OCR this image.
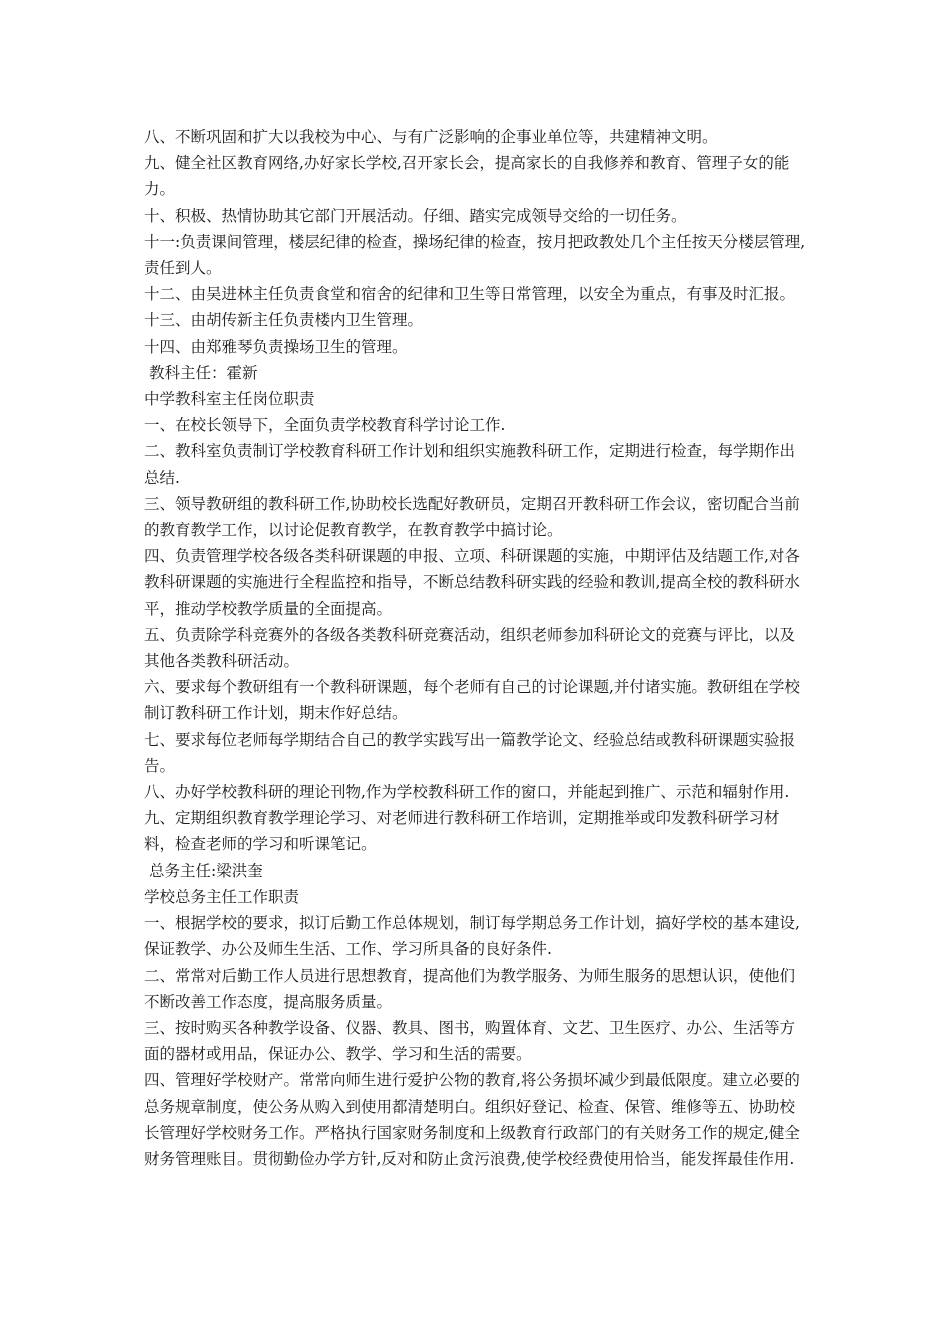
八、不断巩固和扩大以我校为中心、与有广泛影响的企事业单位等，共建精神文明。

九、健全社区教育网络,办好家长学校,召开家长会，提高家长的自我修养和教育、管理子女的能力。

十、积极、热情协助其它部门开展活动。仔细、踏实完成领导交给的一切任务。

十一:负责课间管理，楼层纪律的检查，操场纪律的检查，按月把政教处几个主任按天分楼层管理,责任到人。

十二、由吴进林主任负责食堂和宿舍的纪律和卫生等日常管理，以安全为重点，有事及时汇报。

十三、由胡传新主任负责楼内卫生管理。

十四、由郑雅琴负责操场卫生的管理。

教科主任：霍新

中学教科室主任岗位职责

一、在校长领导下，全面负责学校教育科学讨论工作.

二、教科室负责制订学校教育科研工作计划和组织实施教科研工作，定期进行检查，每学期作出总结.

三、领导教研组的教科研工作,协助校长选配好教研员，定期召开教科研工作会议，密切配合当前的教育教学工作，以讨论促教育教学，在教育教学中搞讨论。

四、负责管理学校各级各类科研课题的申报、立项、科研课题的实施，中期评估及结题工作,对各教科研课题的实施进行全程监控和指导，不断总结教科研实践的经验和教训,提高全校的教科研水平，推动学校教学质量的全面提高。

五、负责除学科竞赛外的各级各类教科研竞赛活动，组织老师参加科研论文的竞赛与评比，以及其他各类教科研活动。

六、要求每个教研组有一个教科研课题，每个老师有自己的讨论课题,并付诸实施。教研组在学校制订教科研工作计划，期末作好总结。

七、要求每位老师每学期结合自己的教学实践写出一篇教学论文、经验总结或教科研课题实验报告。

八、办好学校教科研的理论刊物,作为学校教科研工作的窗口，并能起到推广、示范和辐射作用.

九、定期组织教育教学理论学习、对老师进行教科研工作培训，定期推举或印发教科研学习材料，检查老师的学习和听课笔记。

总务主任:梁洪奎

学校总务主任工作职责

一、根据学校的要求，拟订后勤工作总体规划，制订每学期总务工作计划，搞好学校的基本建设,保证教学、办公及师生生活、工作、学习所具备的良好条件.

二、常常对后勤工作人员进行思想教育，提高他们为教学服务、为师生服务的思想认识，使他们不断改善工作态度，提高服务质量。

三、按时购买各种教学设备、仪器、教具、图书，购置体育、文艺、卫生医疗、办公、生活等方面的器材或用品，保证办公、教学、学习和生活的需要。

四、管理好学校财产。常常向师生进行爱护公物的教育,将公务损坏减少到最低限度。建立必要的总务规章制度，使公务从购入到使用都清楚明白。组织好登记、检查、保管、维修等五、协助校长管理好学校财务工作。严格执行国家财务制度和上级教育行政部门的有关财务工作的规定,健全财务管理账目。贯彻勤俭办学方针,反对和防止贪污浪费,使学校经费使用恰当，能发挥最佳作用.
